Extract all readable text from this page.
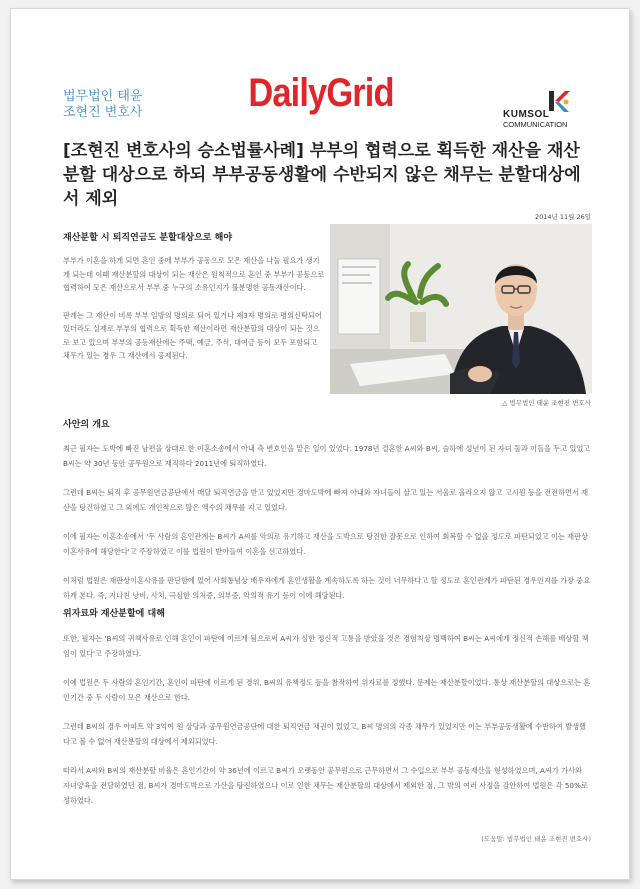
법무법인 태윤
조현진 변호사	DailyGrid	KUMSOL
COMMUNICATION
[조현진 변호사의 승소법률사례] 부부의 협력으로 획득한 재산을 재산분할 대상으로 하되 부부공동생활에 수반되지 않은 채무는 분할대상에서 제외
2014년 11월 26일
재산분할 시 퇴직연금도 분할대상으로 해야

부부가 이혼을 하게 되면 혼인 중에 부부가 공동으로 모은 재산을 나눌 필요가 생기게 되는데 이때 재산분할의 대상이 되는 재산은 원칙적으로 혼인 중 부부가 공동으로 협력하여 모은 재산으로서 부부 중 누구의 소유인지가 불분명한 공동재산이다.

판례는 그 재산이 비록 부부 일방의 명의로 되어 있거나 제3자 명의로 명의신탁되어 있더라도 실제로 부부의 협력으로 획득한 재산이라면 재산분할의 대상이 되는 것으로 보고 있으며 부부의 공동재산에는 주택, 예금, 주식, 대여금 등이 모두 포함되고 채무가 있는 경우 그 재산에서 공제된다.

△ 법무법인 태윤 조현진 변호사
사안의 개요

최근 필자는 도박에 빠진 남편을 상대로 한 이혼소송에서 아내 측 변호인을 맡은 일이 있었다. 1978년 결혼한 A씨와 B씨, 슬하에 성년이 된 자녀 둘과 이들을 두고 있었고 B씨는 약 30년 동안 공무원으로 재직하다 2011년에 퇴직하였다.

그런데 B씨는 퇴직 후 공무원연금공단에서 매달 퇴직연금을 받고 있었지만 경마도박에 빠져 아내와 자녀들이 살고 있는 서울로 올라오지 않고 고시원 등을 전전하면서 재산을 탕진하였고 그 외에도 개인적으로 많은 액수의 채무를 지고 있었다.

이에 필자는 이혼소송에서 '두 사람의 혼인관계는 B씨가 A씨를 악의로 유기하고 재산을 도박으로 탕진한 잘못으로 인하여 회복할 수 없을 정도로 파탄되었고 이는 재판상이혼사유에 해당한다'고 주장하였고 이를 법원이 받아들여 이혼을 선고하였다.

이처럼 법원은 재판상이혼사유를 판단함에 있어 사회통념상 배우자에게 혼인생활을 계속하도록 하는 것이 너무하다고 할 정도로 혼인관계가 파탄된 경우인지를 가장 중요하게 본다. 즉, 지나친 낭비, 사치, 극심한 의처증, 의부증, 악의적 유기 등이 이에 해당된다.

위자료와 재산분할에 대해

또한, 필자는 'B씨의 귀책사유로 인해 혼인이 파탄에 이르게 됨으로써 A씨가 심한 정신적 고통을 받았을 것은 경험칙상 명백하여 B씨는 A씨에게 정신적 손해를 배상할 책임이 있다'고 주장하였다.

이에 법원은 두 사람의 혼인기간, 혼인이 파탄에 이르게 된 경위, B씨의 유책정도 등을 참작하여 위자료를 정했다. 문제는 재산분할이었다. 통상 재산분할의 대상으로는 혼인기간 중 두 사람이 모은 재산으로 한다.

그런데 B씨의 경우 아파트 약 3억여 원 상당과 공무원연금공단에 대한 퇴직연금 채권이 있었고, B씨 명의의 각종 채무가 있었지만 이는 부부공동생활에 수반하여 발생했다고 볼 수 없어 재산분할의 대상에서 제외되었다.

따라서 A씨와 B씨의 재산분할 비율은 혼인기간이 약 36년에 이르고 B씨가 오랫동안 공무원으로 근무하면서 그 수입으로 부부 공동재산을 형성하였으며, A씨가 가사와 자녀양육을 전담하였던 점, B씨가 경마도박으로 가산을 탕진하였으나 이로 인한 채무는 재산분할의 대상에서 제외한 점, 그 밖의 여러 사정을 감안하여 법원은 각 50%로 정하였다.

(도움말: 법무법인 태윤 조현진 변호사)
